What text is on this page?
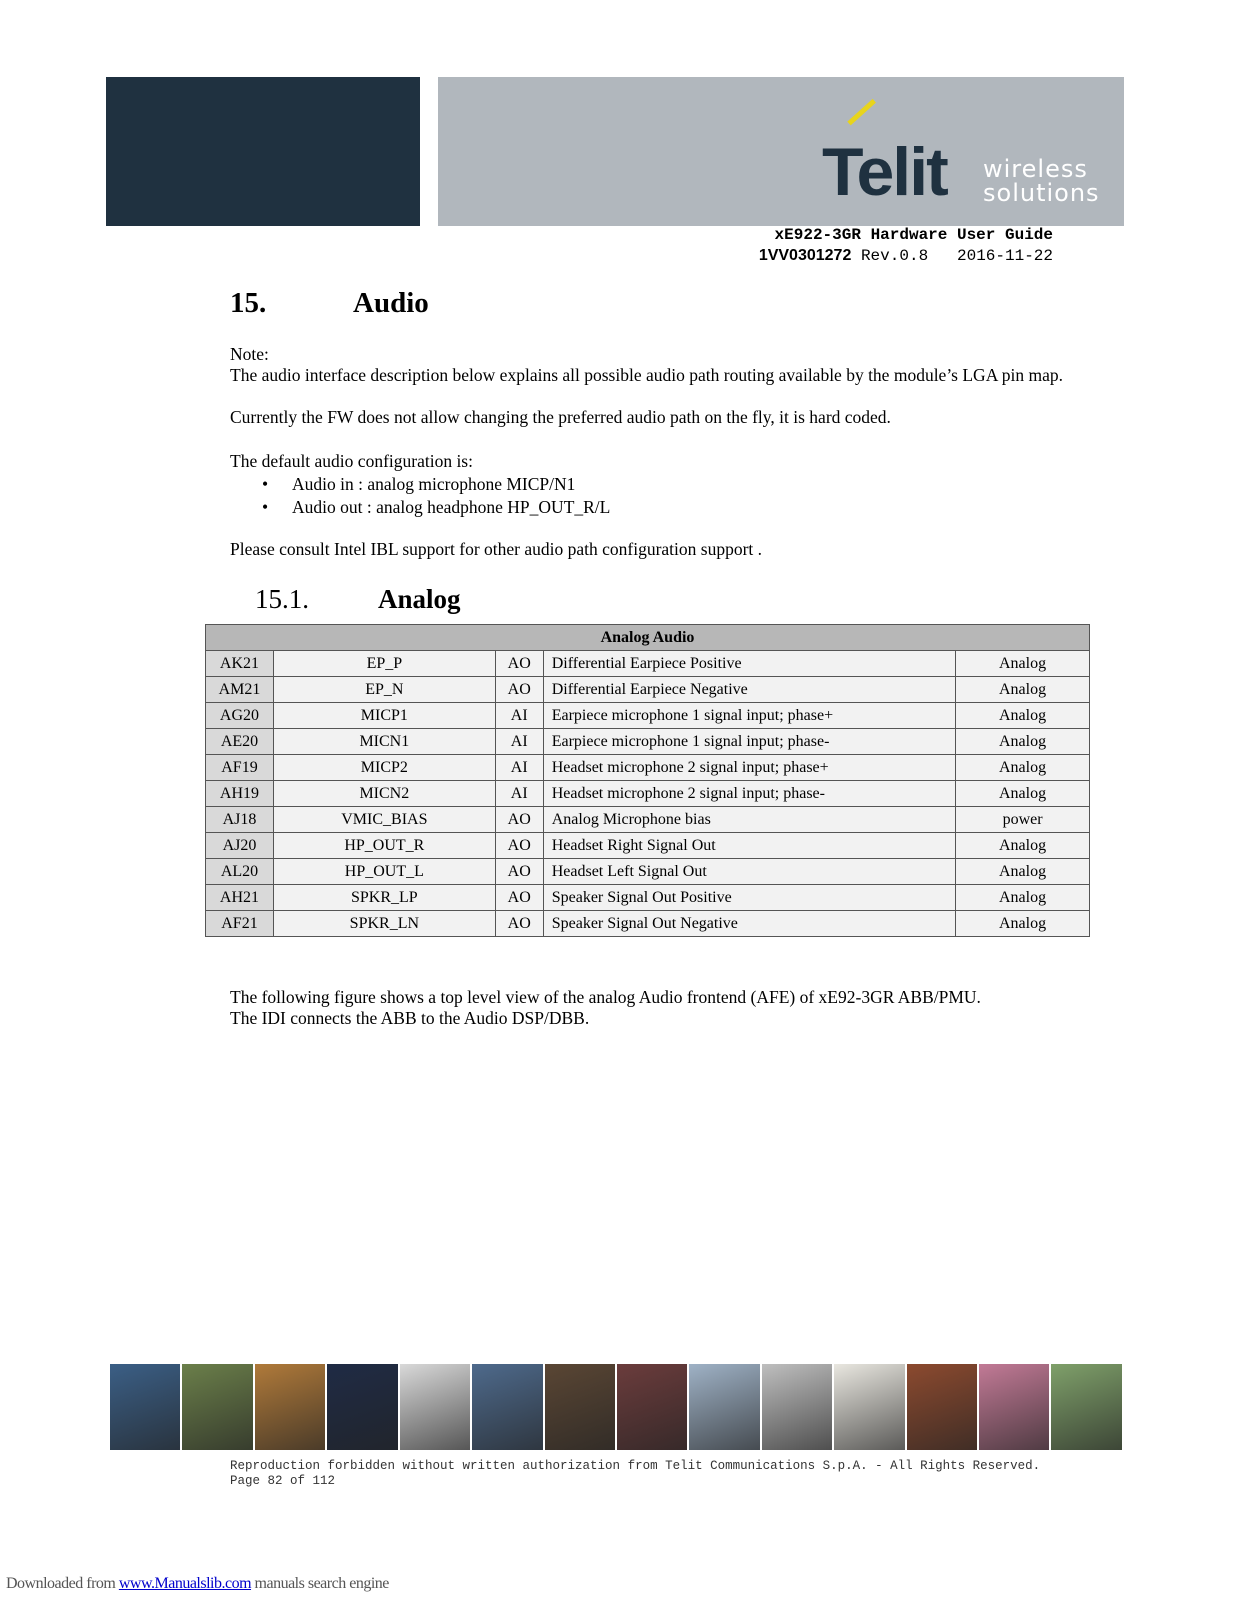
Telit wireless
solutions
xE922-3GR Hardware User Guide
1VV0301272 Rev.0.8 2016-11-22
15.	Audio
Note:
The audio interface description below explains all possible audio path routing available by the module’s LGA pin map.
Currently the FW does not allow changing the preferred audio path on the fly, it is hard coded.
The default audio configuration is:
• Audio in : analog microphone MICP/N1
• Audio out : analog headphone HP_OUT_R/L
Please consult Intel IBL support for other audio path configuration support .
15.1.	Analog
Analog Audio				
AK21	EP_P	AO	Differential Earpiece Positive	Analog
AM21	EP_N	AO	Differential Earpiece Negative	Analog
AG20	MICP1	AI	Earpiece microphone 1 signal input; phase+	Analog
AE20	MICN1	AI	Earpiece microphone 1 signal input; phase-	Analog
AF19	MICP2	AI	Headset microphone 2 signal input; phase+	Analog
AH19	MICN2	AI	Headset microphone 2 signal input; phase-	Analog
AJ18	VMIC_BIAS	AO	Analog Microphone bias	power
AJ20	HP_OUT_R	AO	Headset Right Signal Out	Analog
AL20	HP_OUT_L	AO	Headset Left Signal Out	Analog
AH21	SPKR_LP	AO	Speaker Signal Out Positive	Analog
AF21	SPKR_LN	AO	Speaker Signal Out Negative	Analog
The following figure shows a top level view of the analog Audio frontend (AFE) of xE92-3GR ABB/PMU.
The IDI connects the ABB to the Audio DSP/DBB.
Reproduction forbidden without written authorization from Telit Communications S.p.A. - All Rights Reserved.             Page 82 of 112
Downloaded from www.Manualslib.com manuals search engine
